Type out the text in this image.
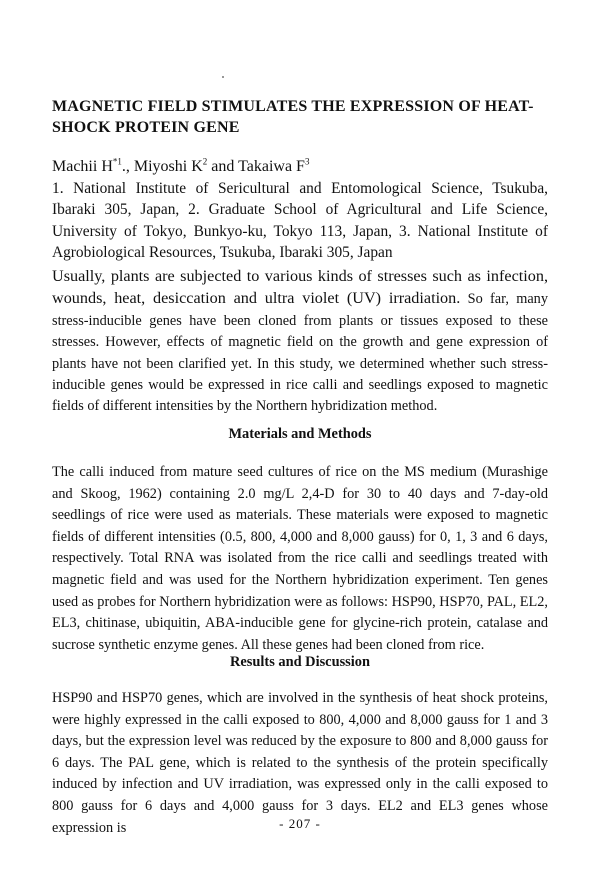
MAGNETIC FIELD STIMULATES THE EXPRESSION OF HEAT-SHOCK PROTEIN GENE
Machii $H^{*1}$., Miyoshi $K^2$ and Takaiwa $F^3$
1. National Institute of Sericultural and Entomological Science, Tsukuba, Ibaraki 305, Japan, 2. Graduate School of Agricultural and Life Science, University of Tokyo, Bunkyo-ku, Tokyo 113, Japan, 3. National Institute of Agrobiological Resources, Tsukuba, Ibaraki 305, Japan
Usually, plants are subjected to various kinds of stresses such as infection, wounds, heat, desiccation and ultra violet (UV) irradiation. So far, many stress-inducible genes have been cloned from plants or tissues exposed to these stresses. However, effects of magnetic field on the growth and gene expression of plants have not been clarified yet. In this study, we determined whether such stress-inducible genes would be expressed in rice calli and seedlings exposed to magnetic fields of different intensities by the Northern hybridization method.
Materials and Methods
The calli induced from mature seed cultures of rice on the MS medium (Murashige and Skoog, 1962) containing 2.0 mg/L 2,4-D for 30 to 40 days and 7-day-old seedlings of rice were used as materials. These materials were exposed to magnetic fields of different intensities (0.5, 800, 4,000 and 8,000 gauss) for 0, 1, 3 and 6 days, respectively. Total RNA was isolated from the rice calli and seedlings treated with magnetic field and was used for the Northern hybridization experiment. Ten genes used as probes for Northern hybridization were as follows: HSP90, HSP70, PAL, EL2, EL3, chitinase, ubiquitin, ABA-inducible gene for glycine-rich protein, catalase and sucrose synthetic enzyme genes. All these genes had been cloned from rice.
Results and Discussion
HSP90 and HSP70 genes, which are involved in the synthesis of heat shock proteins, were highly expressed in the calli exposed to 800, 4,000 and 8,000 gauss for 1 and 3 days, but the expression level was reduced by the exposure to 800 and 8,000 gauss for 6 days. The PAL gene, which is related to the synthesis of the protein specifically induced by infection and UV irradiation, was expressed only in the calli exposed to 800 gauss for 6 days and 4,000 gauss for 3 days. EL2 and EL3 genes whose expression is	- 207 -
